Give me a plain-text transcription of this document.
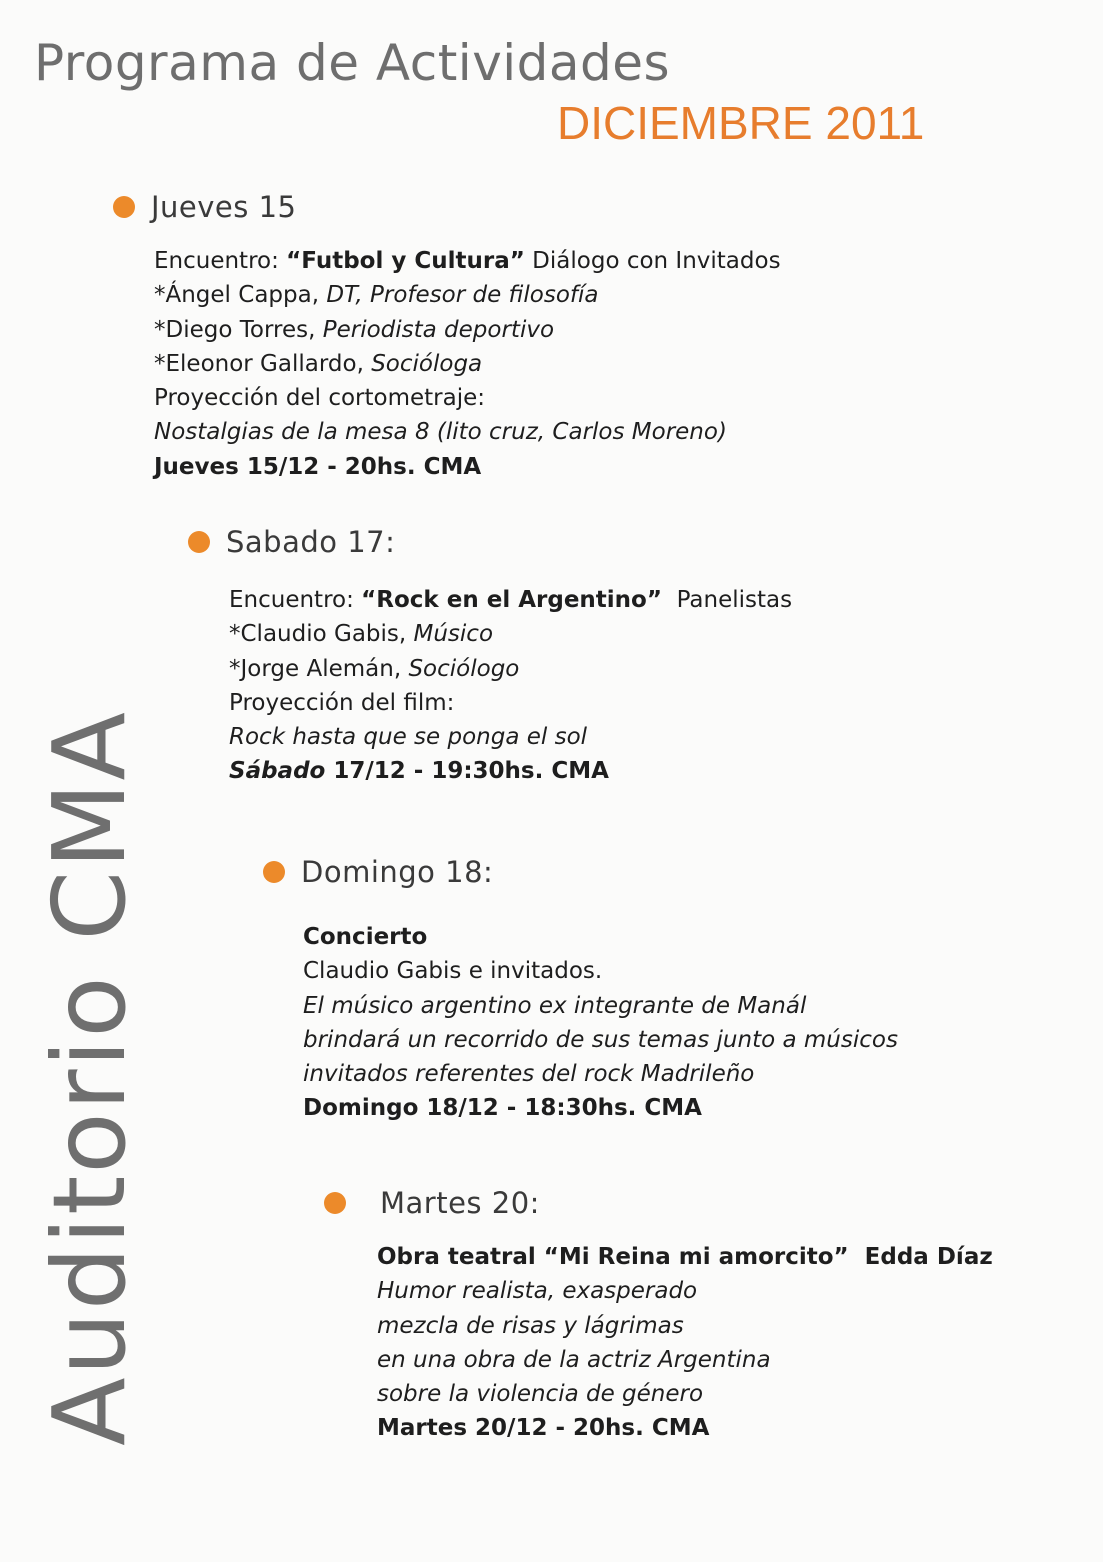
Programa de Actividades
DICIEMBRE 2011
Auditorio CMA
Jueves 15
Encuentro: “Futbol y Cultura” Diálogo con Invitados
*Ángel Cappa, DT, Profesor de filosofía
*Diego Torres, Periodista deportivo
*Eleonor Gallardo, Socióloga
Proyección del cortometraje:
Nostalgias de la mesa 8 (lito cruz, Carlos Moreno)
Jueves 15/12 - 20hs. CMA
Sabado 17:
Encuentro: “Rock en el Argentino”  Panelistas
*Claudio Gabis, Músico
*Jorge Alemán, Sociólogo
Proyección del film:
Rock hasta que se ponga el sol
Sábado 17/12 - 19:30hs. CMA
Domingo 18:
Concierto
Claudio Gabis e invitados.
El músico argentino ex integrante de Manál
brindará un recorrido de sus temas junto a músicos
invitados referentes del rock Madrileño
Domingo 18/12 - 18:30hs. CMA
Martes 20:
Obra teatral “Mi Reina mi amorcito”  Edda Díaz
Humor realista, exasperado
mezcla de risas y lágrimas
en una obra de la actriz Argentina
sobre la violencia de género
Martes 20/12 - 20hs. CMA
